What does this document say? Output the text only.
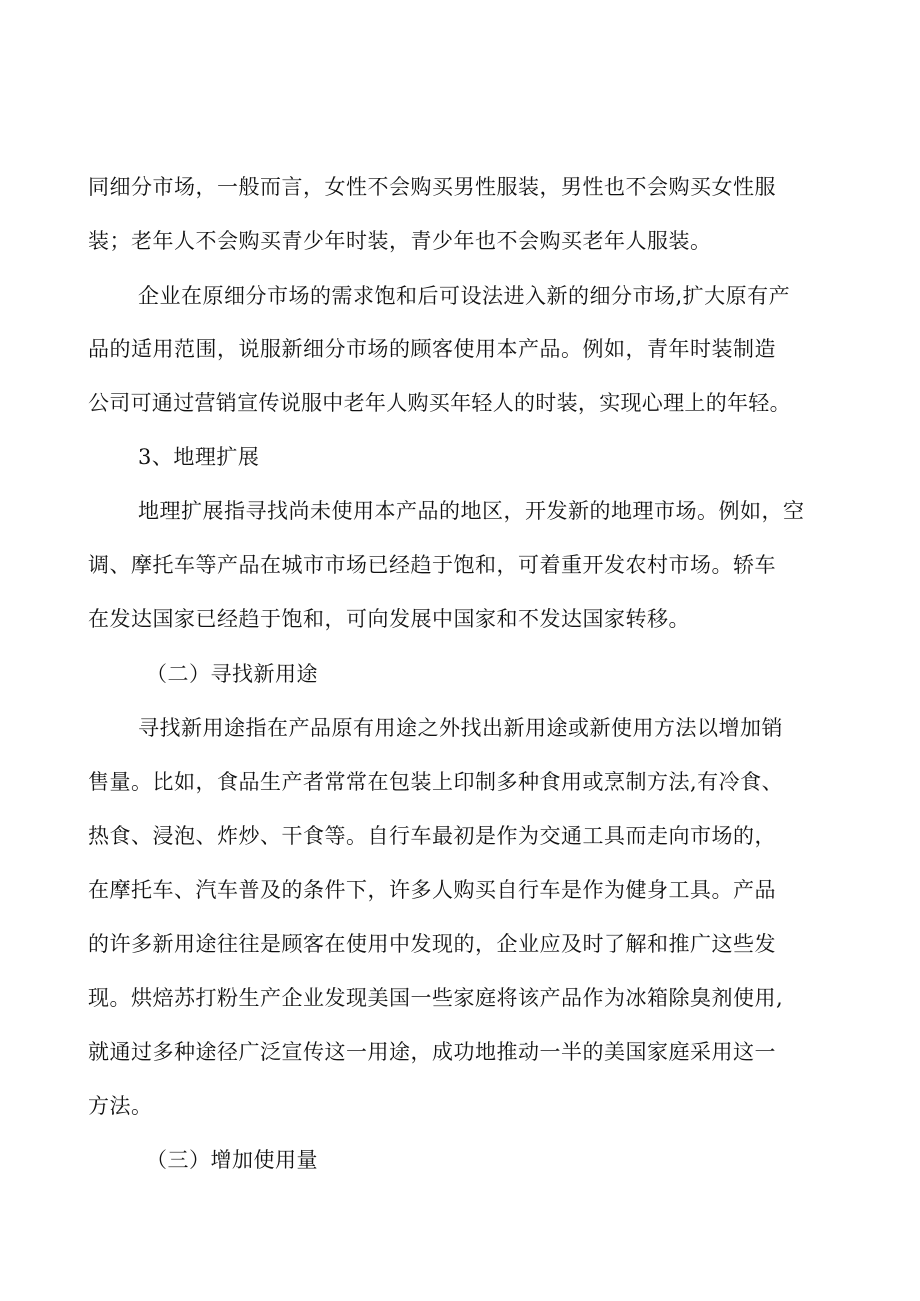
同细分市场，一般而言，女性不会购买男性服装，男性也不会购买女性服
装；老年人不会购买青少年时装，青少年也不会购买老年人服装。
企业在原细分市场的需求饱和后可设法进入新的细分市场,扩大原有产
品的适用范围，说服新细分市场的顾客使用本产品。例如，青年时装制造
公司可通过营销宣传说服中老年人购买年轻人的时装，实现心理上的年轻。
3、地理扩展
地理扩展指寻找尚未使用本产品的地区，开发新的地理市场。例如，空
调、摩托车等产品在城市市场已经趋于饱和，可着重开发农村市场。轿车
在发达国家已经趋于饱和，可向发展中国家和不发达国家转移。
（二）寻找新用途
寻找新用途指在产品原有用途之外找出新用途或新使用方法以增加销
售量。比如，食品生产者常常在包装上印制多种食用或烹制方法,有冷食、
热食、浸泡、炸炒、干食等。自行车最初是作为交通工具而走向市场的，
在摩托车、汽车普及的条件下，许多人购买自行车是作为健身工具。产品
的许多新用途往往是顾客在使用中发现的，企业应及时了解和推广这些发
现。烘焙苏打粉生产企业发现美国一些家庭将该产品作为冰箱除臭剂使用,
就通过多种途径广泛宣传这一用途，成功地推动一半的美国家庭采用这一
方法。
（三）增加使用量
